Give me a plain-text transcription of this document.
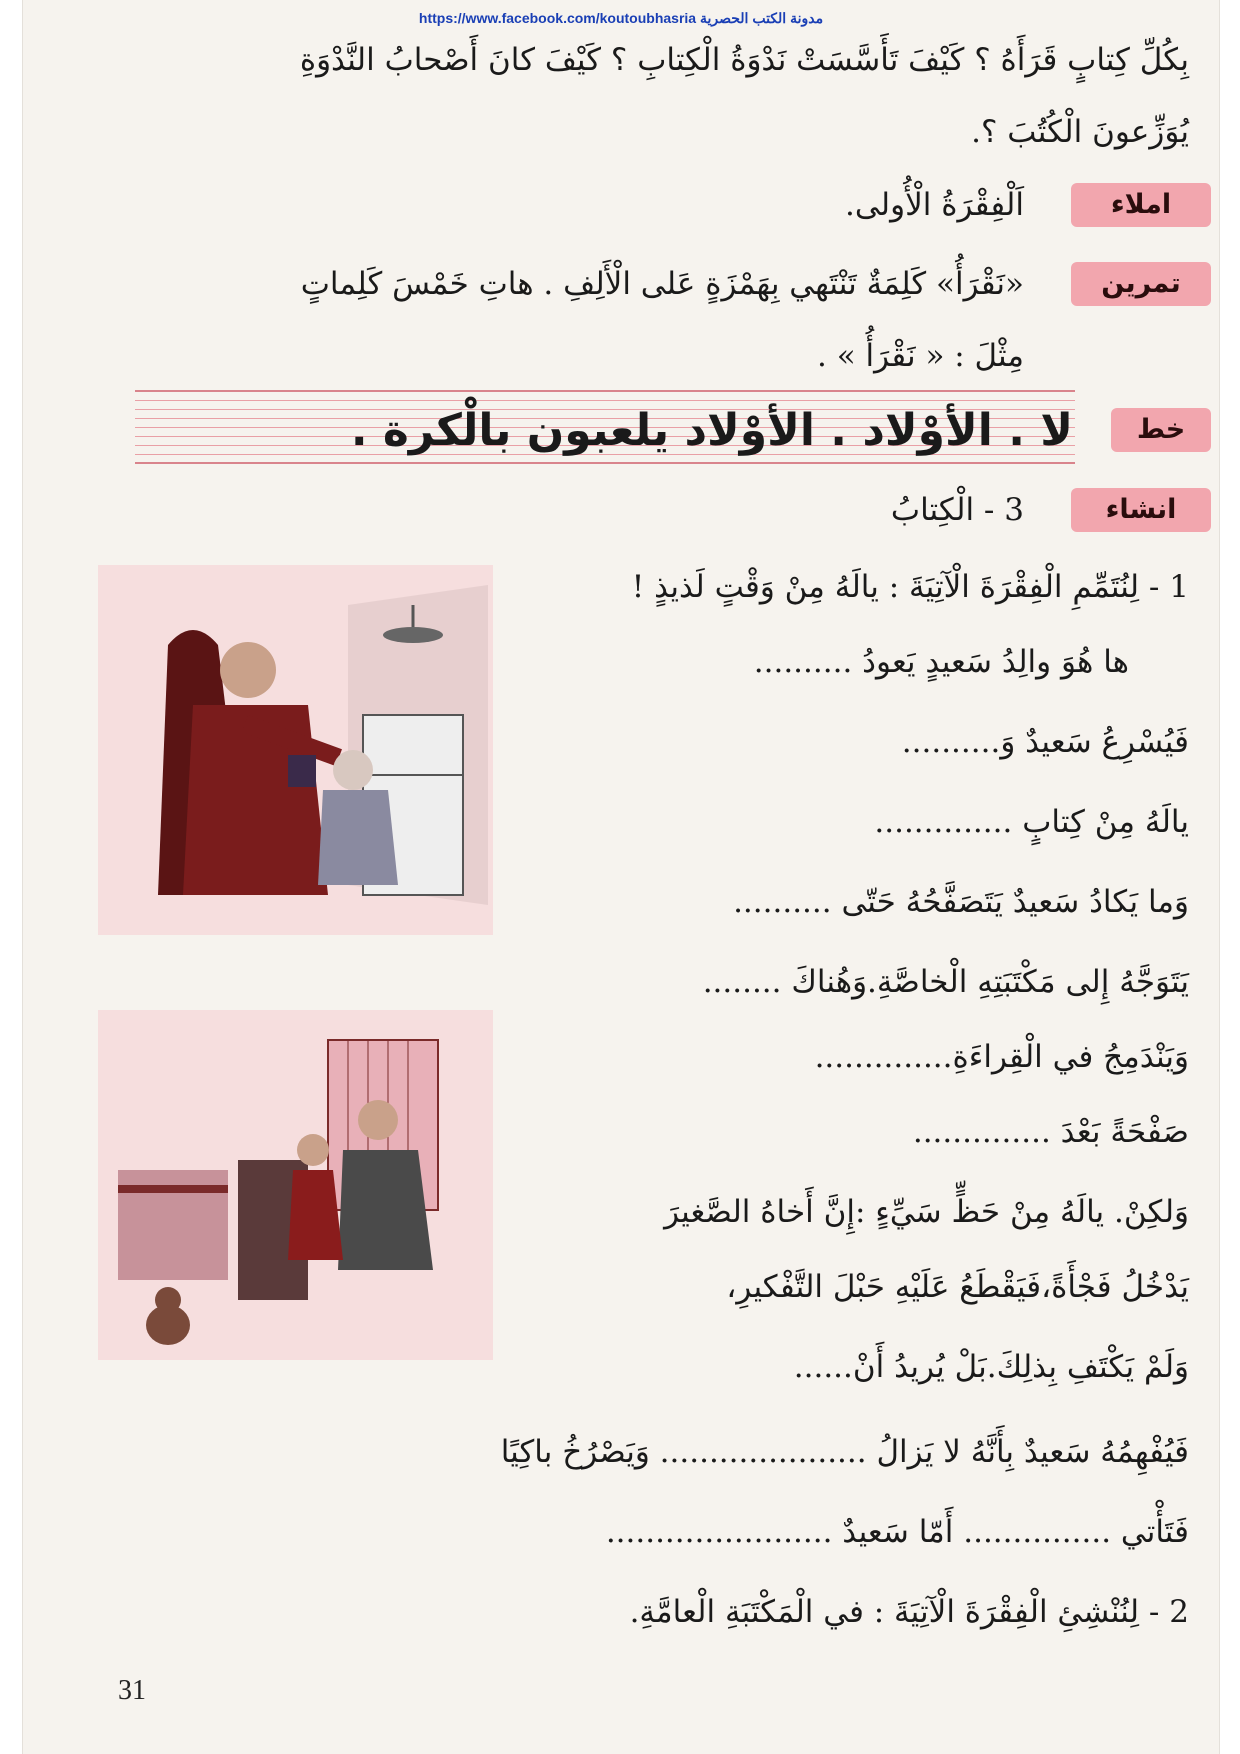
https://www.facebook.com/koutoubhasria مدونة الكتب الحصرية
بِكُلِّ كِتابٍ قَرَأَهُ ؟ كَيْفَ تَأَسَّسَتْ نَدْوَةُ الْكِتابِ ؟ كَيْفَ كانَ أَصْحابُ النَّدْوَةِ
يُوَزِّعونَ الْكُتُبَ ؟.
املاء
اَلْفِقْرَةُ الْأُولى.
تمرين
«نَقْرَأُ» كَلِمَةٌ تَنْتَهي بِهَمْزَةٍ عَلى الْأَلِفِ . هاتِ خَمْسَ كَلِماتٍ
مِثْلَ : « نَقْرَأُ » .
خط
لا . الأوْلاد . الأوْلاد يلعبون بالْكرة .
انشاء
3 - الْكِتابُ
1 - لِنُتَمِّمِ الْفِقْرَةَ الْآتِيَةَ : يالَهُ مِنْ وَقْتٍ لَذيذٍ !
ها هُوَ والِدُ سَعيدٍ يَعودُ ..........
فَيُسْرِعُ سَعيدٌ وَ..........
يالَهُ مِنْ كِتابٍ ..............
وَما يَكادُ سَعيدٌ يَتَصَفَّحُهُ حَتّى ..........
يَتَوَجَّهُ إِلى مَكْتَبَتِهِ الْخاصَّةِ.وَهُناكَ ........
وَيَنْدَمِجُ في الْقِراءَةِ..............
صَفْحَةً بَعْدَ ..............
وَلكِنْ. يالَهُ مِنْ حَظٍّ سَيِّءٍ :إِنَّ أَخاهُ الصَّغيرَ
يَدْخُلُ فَجْأَةً،فَيَقْطَعُ عَلَيْهِ حَبْلَ التَّفْكيرِ،
وَلَمْ يَكْتَفِ بِذلِكَ.بَلْ يُريدُ أَنْ......
فَيُفْهِمُهُ سَعيدٌ بِأَنَّهُ لا يَزالُ ..................... وَيَصْرُخُ باكِيًا
فَتَأْتي ............... أَمّا سَعيدٌ .......................
2 - لِنُنْشِئِ الْفِقْرَةَ الْآتِيَةَ : في الْمَكْتَبَةِ الْعامَّةِ.
31
